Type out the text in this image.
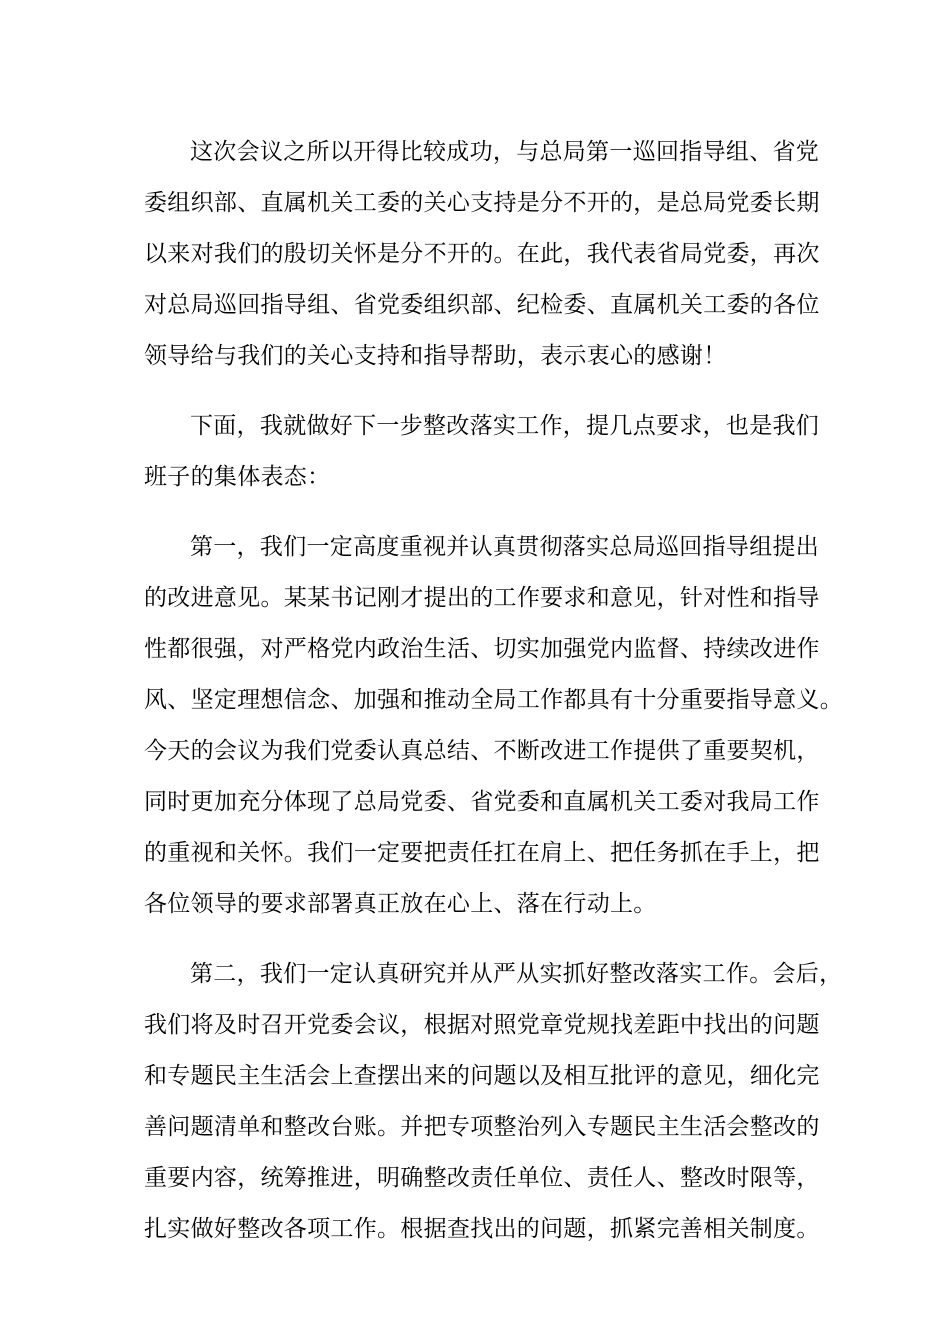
这次会议之所以开得比较成功，与总局第一巡回指导组、省党
委组织部、直属机关工委的关心支持是分不开的，是总局党委长期
以来对我们的殷切关怀是分不开的。在此，我代表省局党委，再次
对总局巡回指导组、省党委组织部、纪检委、直属机关工委的各位
领导给与我们的关心支持和指导帮助，表示衷心的感谢！

下面，我就做好下一步整改落实工作，提几点要求，也是我们
班子的集体表态：

第一，我们一定高度重视并认真贯彻落实总局巡回指导组提出
的改进意见。某某书记刚才提出的工作要求和意见，针对性和指导
性都很强，对严格党内政治生活、切实加强党内监督、持续改进作
风、坚定理想信念、加强和推动全局工作都具有十分重要指导意义。
今天的会议为我们党委认真总结、不断改进工作提供了重要契机，
同时更加充分体现了总局党委、省党委和直属机关工委对我局工作
的重视和关怀。我们一定要把责任扛在肩上、把任务抓在手上，把
各位领导的要求部署真正放在心上、落在行动上。

第二，我们一定认真研究并从严从实抓好整改落实工作。会后，
我们将及时召开党委会议，根据对照党章党规找差距中找出的问题
和专题民主生活会上查摆出来的问题以及相互批评的意见，细化完
善问题清单和整改台账。并把专项整治列入专题民主生活会整改的
重要内容，统筹推进，明确整改责任单位、责任人、整改时限等，
扎实做好整改各项工作。根据查找出的问题，抓紧完善相关制度。
